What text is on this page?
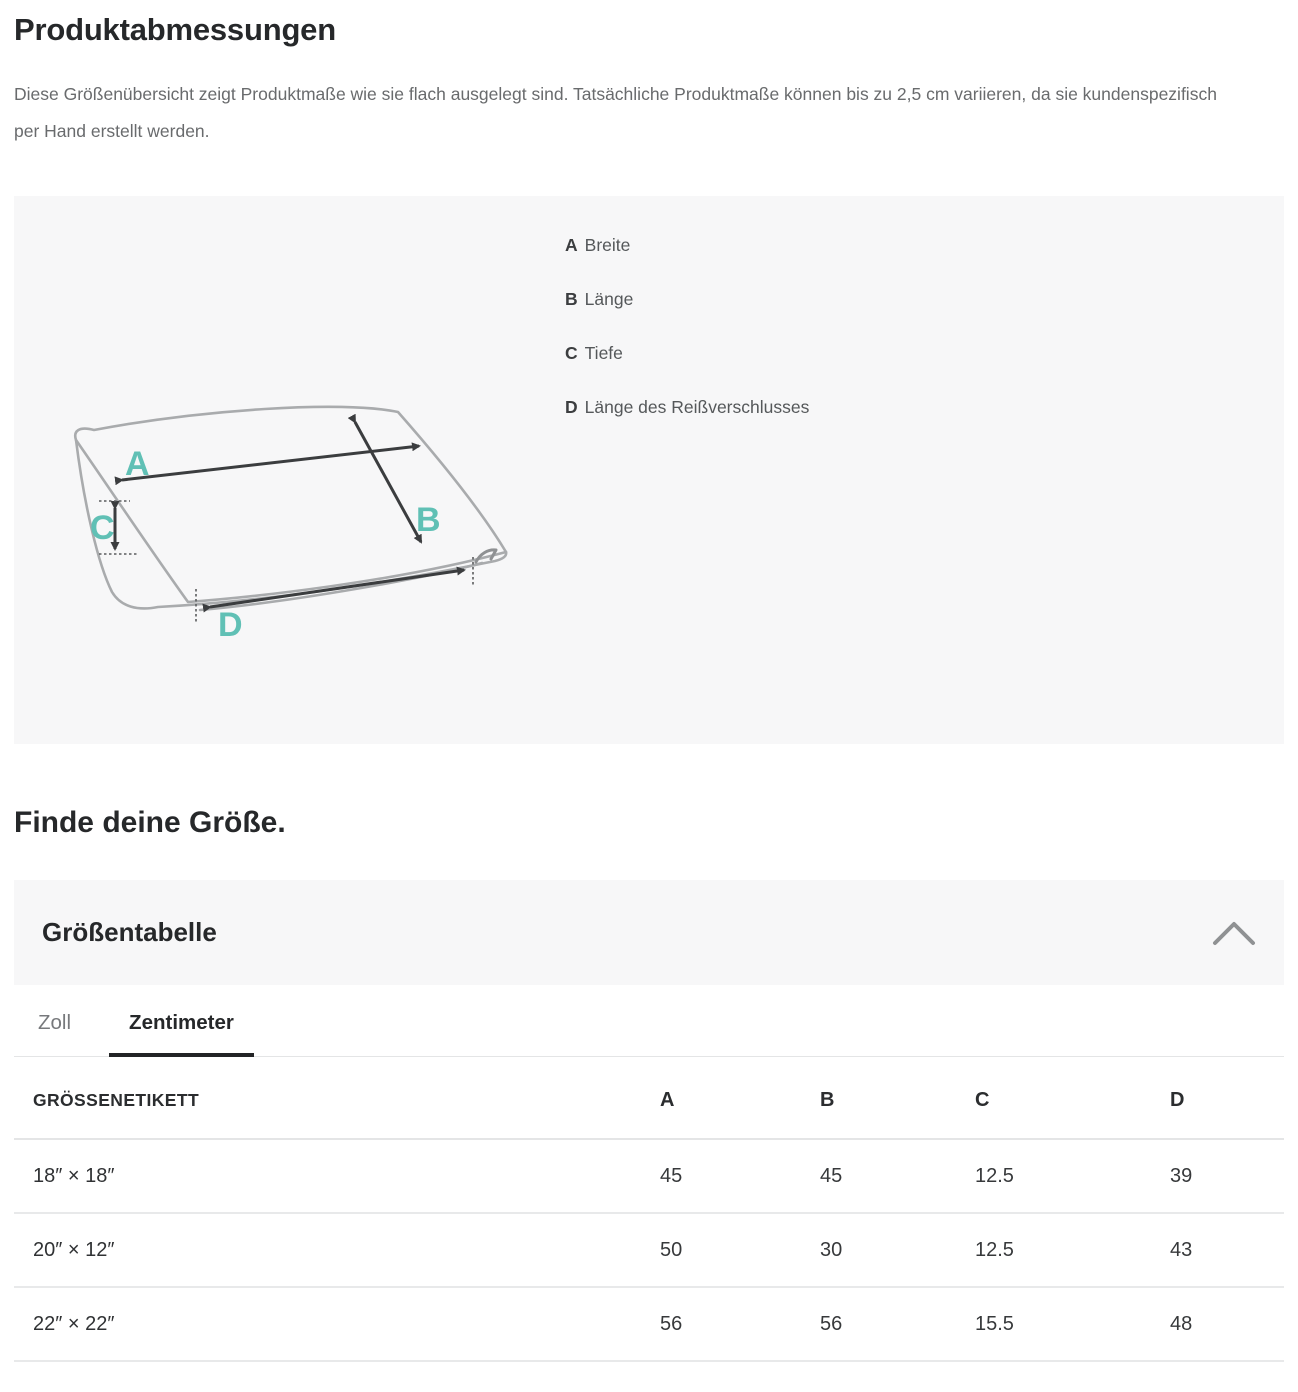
Produktabmessungen

Diese Größenübersicht zeigt Produktmaße wie sie flach ausgelegt sind. Tatsächliche Produktmaße können bis zu 2,5 cm variieren, da sie kundenspezifisch per Hand erstellt werden.

A
B
C
D
A Breite
B Länge
C Tiefe
D Länge des Reißverschlusses
Finde deine Größe.
Größentabelle
Zoll	Zentimeter
GRÖSSENETIKETT	A	B	C	D
18″ × 18″	45	45	12.5	39
20″ × 12″	50	30	12.5	43
22″ × 22″	56	56	15.5	48
